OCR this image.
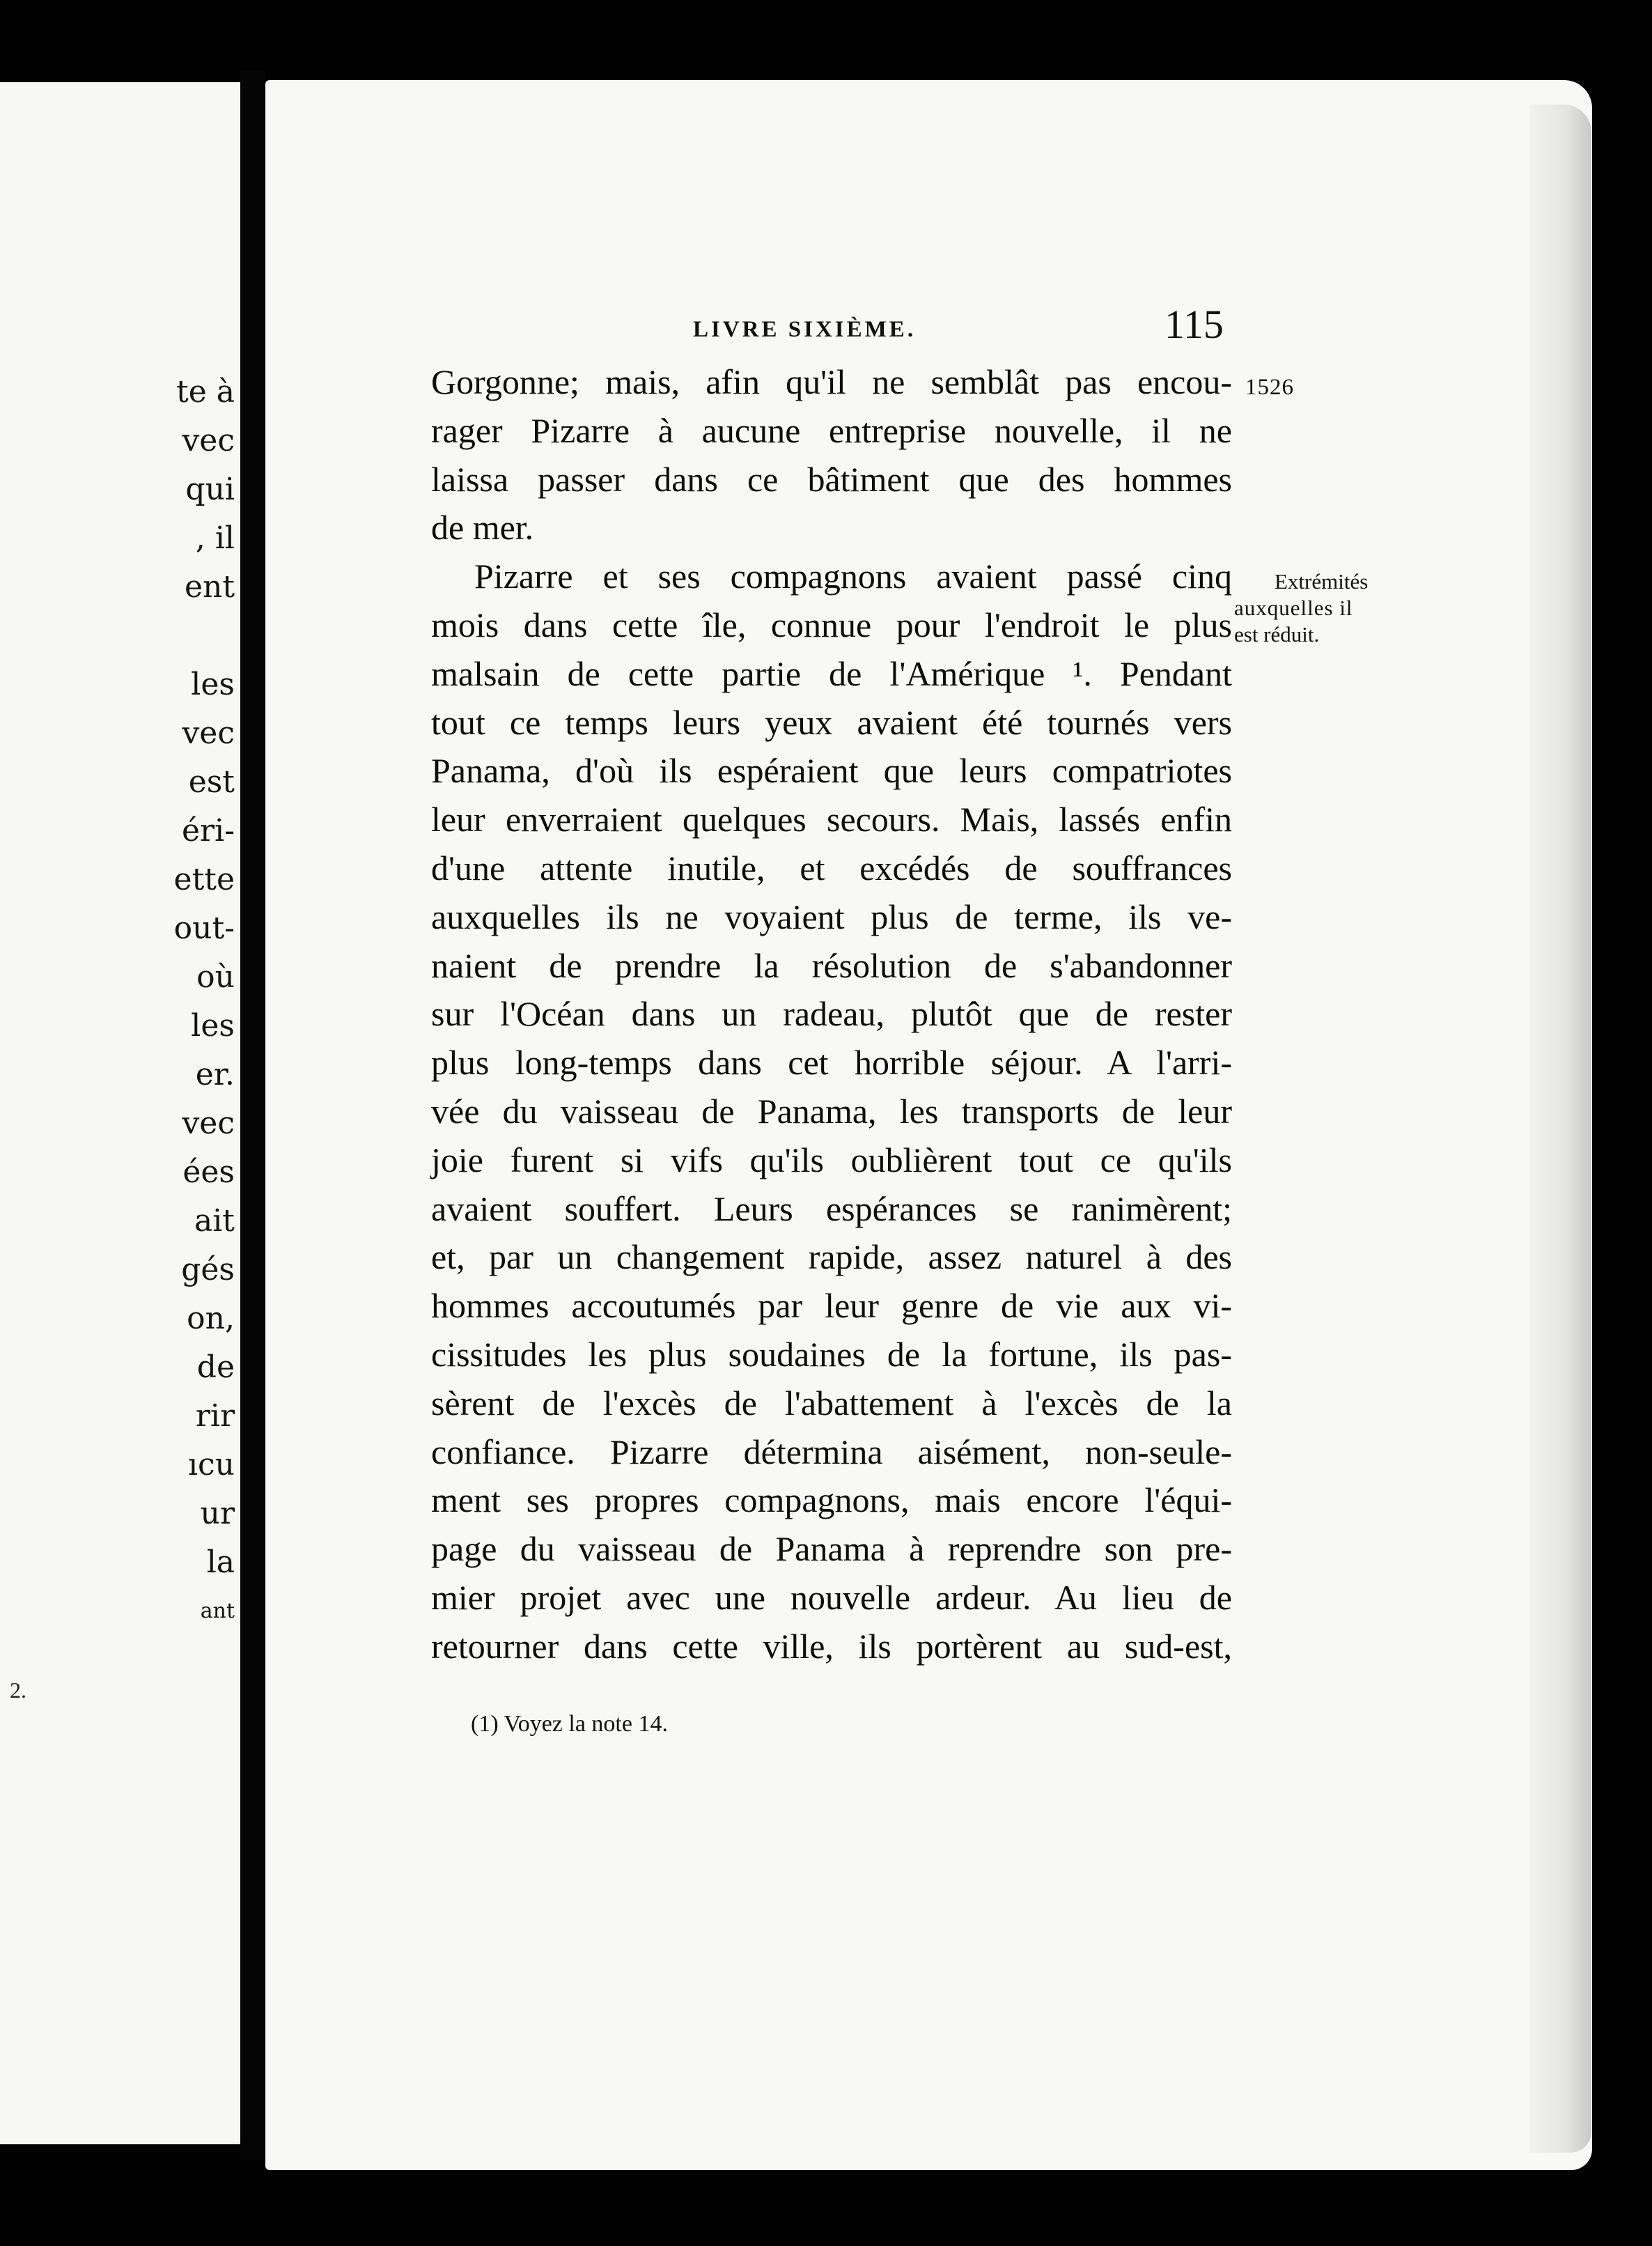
te à
vec
qui
, il
ent
les
vec
est
éri-
ette
out-
où
les
er.
vec
ées
ait
gés
on,
de
rir
ıcu
ur
la
ant
2.
LIVRE SIXIÈME.	115
1526
Extrémités
auxquelles il
est réduit.
Gorgonne; mais, afin qu'il ne semblât pas encou-
rager Pizarre à aucune entreprise nouvelle, il ne
laissa passer dans ce bâtiment que des hommes
de mer.
Pizarre et ses compagnons avaient passé cinq
mois dans cette île, connue pour l'endroit le plus
malsain de cette partie de l'Amérique ¹. Pendant
tout ce temps leurs yeux avaient été tournés vers
Panama, d'où ils espéraient que leurs compatriotes
leur enverraient quelques secours. Mais, lassés enfin
d'une attente inutile, et excédés de souffrances
auxquelles ils ne voyaient plus de terme, ils ve-
naient de prendre la résolution de s'abandonner
sur l'Océan dans un radeau, plutôt que de rester
plus long-temps dans cet horrible séjour. A l'arri-
vée du vaisseau de Panama, les transports de leur
joie furent si vifs qu'ils oublièrent tout ce qu'ils
avaient souffert. Leurs espérances se ranimèrent;
et, par un changement rapide, assez naturel à des
hommes accoutumés par leur genre de vie aux vi-
cissitudes les plus soudaines de la fortune, ils pas-
sèrent de l'excès de l'abattement à l'excès de la
confiance. Pizarre détermina aisément, non-seule-
ment ses propres compagnons, mais encore l'équi-
page du vaisseau de Panama à reprendre son pre-
mier projet avec une nouvelle ardeur. Au lieu de
retourner dans cette ville, ils portèrent au sud-est,
(1) Voyez la note 14.
